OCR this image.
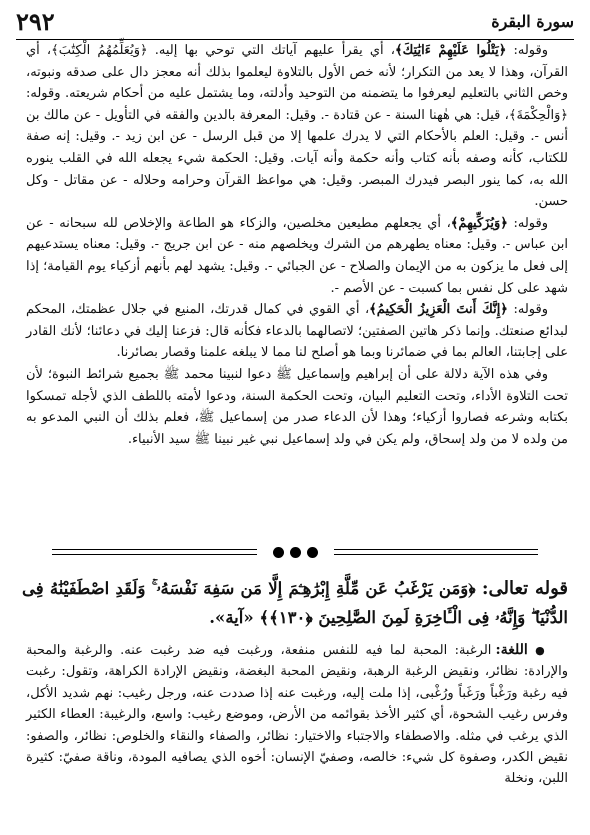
سورة البقرة
٢٩٢

وقوله: ﴿يَتْلُوا عَلَيْهِمْ ءَايَٰتِكَ﴾، أي يقرأ عليهم آياتك التي توحي بها إليه. ﴿وَيُعَلِّمُهُمُ الْكِتَٰبَ﴾، أي القرآن، وهذا لا يعد من التكرار؛ لأنه خص الأول بالتلاوة ليعلموا بذلك أنه معجز دال على صدقه ونبوته، وخص الثاني بالتعليم ليعرفوا ما يتضمنه من التوحيد وأدلته، وما يشتمل عليه من أحكام شريعته. وقوله: ﴿وَالْحِكْمَةَ﴾، قيل: هي هٰهنا السنة - عن قتادة -. وقيل: المعرفة بالدين والفقه في التأويل - عن مالك بن أنس -. وقيل: العلم بالأحكام التي لا يدرك علمها إلا من قبل الرسل - عن ابن زيد -. وقيل: إنه صفة للكتاب، كأنه وصفه بأنه كتاب وأنه حكمة وأنه آيات. وقيل: الحكمة شيء يجعله الله في القلب ينوره الله به، كما ينور البصر فيدرك المبصر. وقيل: هي مواعظ القرآن وحرامه وحلاله - عن مقاتل - وكل حسن.

وقوله: ﴿وَيُزَكِّيهِمْ﴾، أي يجعلهم مطيعين مخلصين، والزكاء هو الطاعة والإخلاص لله سبحانه - عن ابن عباس -. وقيل: معناه يطهرهم من الشرك ويخلصهم منه - عن ابن جريج -. وقيل: معناه يستدعيهم إلى فعل ما يزكون به من الإيمان والصلاح - عن الجبائي -. وقيل: يشهد لهم بأنهم أزكياء يوم القيامة؛ إذا شهد على كل نفس بما كسبت - عن الأصم -.

وقوله: ﴿إِنَّكَ أَنتَ الْعَزِيزُ الْحَكِيمُ﴾، أي القوي في كمال قدرتك، المنيع في جلال عظمتك، المحكم لبدائع صنعتك. وإنما ذكر هاتين الصفتين؛ لاتصالهما بالدعاء فكأنه قال: فزعنا إليك في دعائنا؛ لأنك القادر على إجابتنا، العالم بما في ضمائرنا وبما هو أصلح لنا مما لا يبلغه علمنا وقصار بصائرنا.

وفي هذه الآية دلالة على أن إبراهيم وإسماعيل ﷺ دعوا لنبينا محمد ﷺ بجميع شرائط النبوة؛ لأن تحت التلاوة الأداء، وتحت التعليم البيان، وتحت الحكمة السنة، ودعوا لأمته باللطف الذي لأجله تمسكوا بكتابه وشرعه فصاروا أزكياء؛ وهذا لأن الدعاء صدر من إسماعيل ﷺ، فعلم بذلك أن النبي المدعو به من ولده لا من ولد إسحاق، ولم يكن في ولد إسماعيل نبي غير نبينا ﷺ سيد الأنبياء.

قوله تعالى: ﴿وَمَن يَرْغَبُ عَن مِّلَّةِ إِبْرَٰهِـۧمَ إِلَّا مَن سَفِهَ نَفْسَهُۥ ۚ وَلَقَدِ اصْطَفَيْنَٰهُ فِى الدُّنْيَا ۖ وَإِنَّهُۥ فِى الْـَٔاخِرَةِ لَمِنَ الصَّٰلِحِينَ ﴿١٣٠﴾﴾ «آية».

● اللغة: الرغبة: المحبة لما فيه للنفس منفعة، ورغبت فيه ضد رغبت عنه. والرغبة والمحبة والإرادة: نظائر، ونقيض الرغبة الرهبة، ونقيض المحبة البغضة، ونقيض الإرادة الكراهة، وتقول: رغبت فيه رغبة ورَغْباً ورَغَباً ورُغْبى، إذا ملت إليه، ورغبت عنه إذا صددت عنه، ورجل رغيب: نهم شديد الأكل، وفرس رغيب الشحوة، أي كثير الأخذ بقوائمه من الأرض، وموضع رغيب: واسع، والرغيبة: العطاء الكثير الذي يرغب في مثله. والاصطفاء والاجتباء والاختيار: نظائر، والصفاء والنقاء والخلوص: نظائر، والصفو: نقيض الكدر، وصفوة كل شيء: خالصه، وصفيّ الإنسان: أخوه الذي يصافيه المودة، وناقة صفيّ: كثيرة اللبن، ونخلة
